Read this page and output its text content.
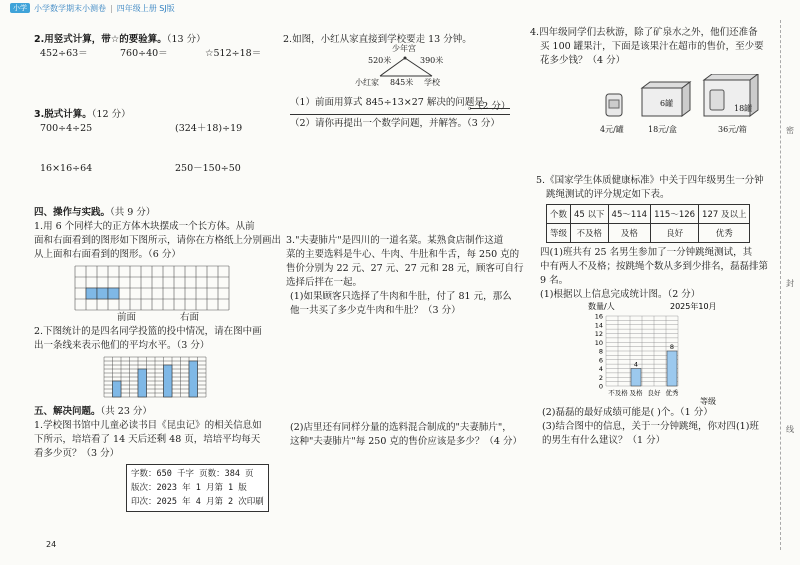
小学 小学数学期末小测卷 | 四年级上册 SJ版
2.用竖式计算，带☆的要验算。（13 分）
452÷63＝	760÷40＝	☆512÷18＝
3.脱式计算。（12 分）
700÷4÷25	(324＋18)÷19
16×16÷64	250－150÷50
四、操作与实践。（共 9 分）
1.用 6 个同样大的正方体木块摆成一个长方体。从前
面和右面看到的图形如下图所示，请你在方格纸上分别画出
从上面和右面看到的图形。（6 分）
前面	右面
2.下图统计的是四名同学投篮的投中情况，请在图中画
出一条线来表示他们的平均水平。（3 分）
五、解决问题。（共 23 分）
1.学校图书馆中儿童必读书目《昆虫记》的相关信息如
下所示，培培看了 14 天后还剩 48 页，培培平均每天
看多少页？（3 分）
字数：650 千字 页数：384 页
版次：2023 年 1 月第 1 版
印次：2025 年 4 月第 2 次印刷
24
2.如图，小红从家直接到学校要走 13 分钟。
少年宫
520米	390米
小红家 845米 学校
（1）前面用算式 845÷13×27 解决的问题是
。（2 分）
（2）请你再提出一个数学问题，并解答。（3 分）
3."夫妻肺片"是四川的一道名菜。某熟食店制作这道
菜的主要选料是牛心、牛肉、牛肚和牛舌，每 250 克的
售价分别为 22 元、27 元、27 元和 28 元，顾客可自行
选择后拌在一起。
(1)如果顾客只选择了牛肉和牛肚，付了 81 元，那么
他一共买了多少克牛肉和牛肚？（3 分）
(2)店里还有同样分量的选料混合制成的"夫妻肺片"，
这种"夫妻肺片"每 250 克的售价应该是多少？（4 分）
4.四年级同学们去秋游，除了矿泉水之外，他们还准备
买 100 罐果汁，下面是该果汁在超市的售价，至少要
花多少钱？（4 分）
6罐
18罐
4元/罐	18元/盒	36元/箱
5.《国家学生体质健康标准》中关于四年级男生一分钟
跳绳测试的评分规定如下表。
个数	45 以下	45～114	115～126	127 及以上
等级	不及格	及格	良好	优秀
四(1)班共有 25 名男生参加了一分钟跳绳测试，其
中有两人不及格；按跳绳个数从多到少排名，磊磊排第
9 名。
(1)根据以上信息完成统计图。（2 分）
数量/人	2025年10月
0
2
4
6
8
10
12
14
16
4
8
不及格 及格 良好 优秀
等级
(2)磊磊的最好成绩可能是( )个。（1 分）
(3)结合图中的信息，关于一分钟跳绳，你对四(1)班
的男生有什么建议？（1 分）
密
封
线
